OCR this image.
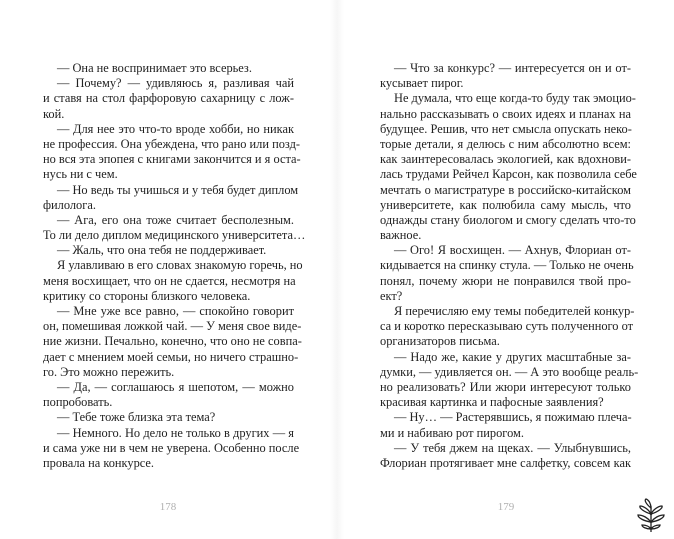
— Она не воспринимает это всерьез.
— Почему? — удивляюсь я, разливая чай
и ставя на стол фарфоровую сахарницу с лож-
кой.
— Для нее это что-то вроде хобби, но никак
не профессия. Она убеждена, что рано или позд-
но вся эта эпопея с книгами закончится и я оста-
нусь ни с чем.
— Но ведь ты учишься и у тебя будет диплом
филолога.
— Ага, его она тоже считает бесполезным.
То ли дело диплом медицинского университета…
— Жаль, что она тебя не поддерживает.
Я улавливаю в его словах знакомую горечь, но
меня восхищает, что он не сдается, несмотря на
критику со стороны близкого человека.
— Мне уже все равно, — спокойно говорит
он, помешивая ложкой чай. — У меня свое виде-
ние жизни. Печально, конечно, что оно не совпа-
дает с мнением моей семьи, но ничего страшно-
го. Это можно пережить.
— Да, — соглашаюсь я шепотом, — можно
попробовать.
— Тебе тоже близка эта тема?
— Немного. Но дело не только в других — я
и сама уже ни в чем не уверена. Особенно после
провала на конкурсе.
— Что за конкурс? — интересуется он и от-
кусывает пирог.
Не думала, что еще когда-то буду так эмоцио-
нально рассказывать о своих идеях и планах на
будущее. Решив, что нет смысла опускать неко-
торые детали, я делюсь с ним абсолютно всем:
как заинтересовалась экологией, как вдохнови-
лась трудами Рейчел Карсон, как позволила себе
мечтать о магистратуре в российско-китайском
университете, как полюбила саму мысль, что
однажды стану биологом и смогу сделать что-то
важное.
— Ого! Я восхищен. — Ахнув, Флориан от-
кидывается на спинку стула. — Только не очень
понял, почему жюри не понравился твой про-
ект?
Я перечисляю ему темы победителей конкур-
са и коротко пересказываю суть полученного от
организаторов письма.
— Надо же, какие у других масштабные за-
думки, — удивляется он. — А это вообще реаль-
но реализовать? Или жюри интересуют только
красивая картинка и пафосные заявления?
— Ну… — Растерявшись, я пожимаю плеча-
ми и набиваю рот пирогом.
— У тебя джем на щеках. — Улыбнувшись,
Флориан протягивает мне салфетку, совсем как
178	179
